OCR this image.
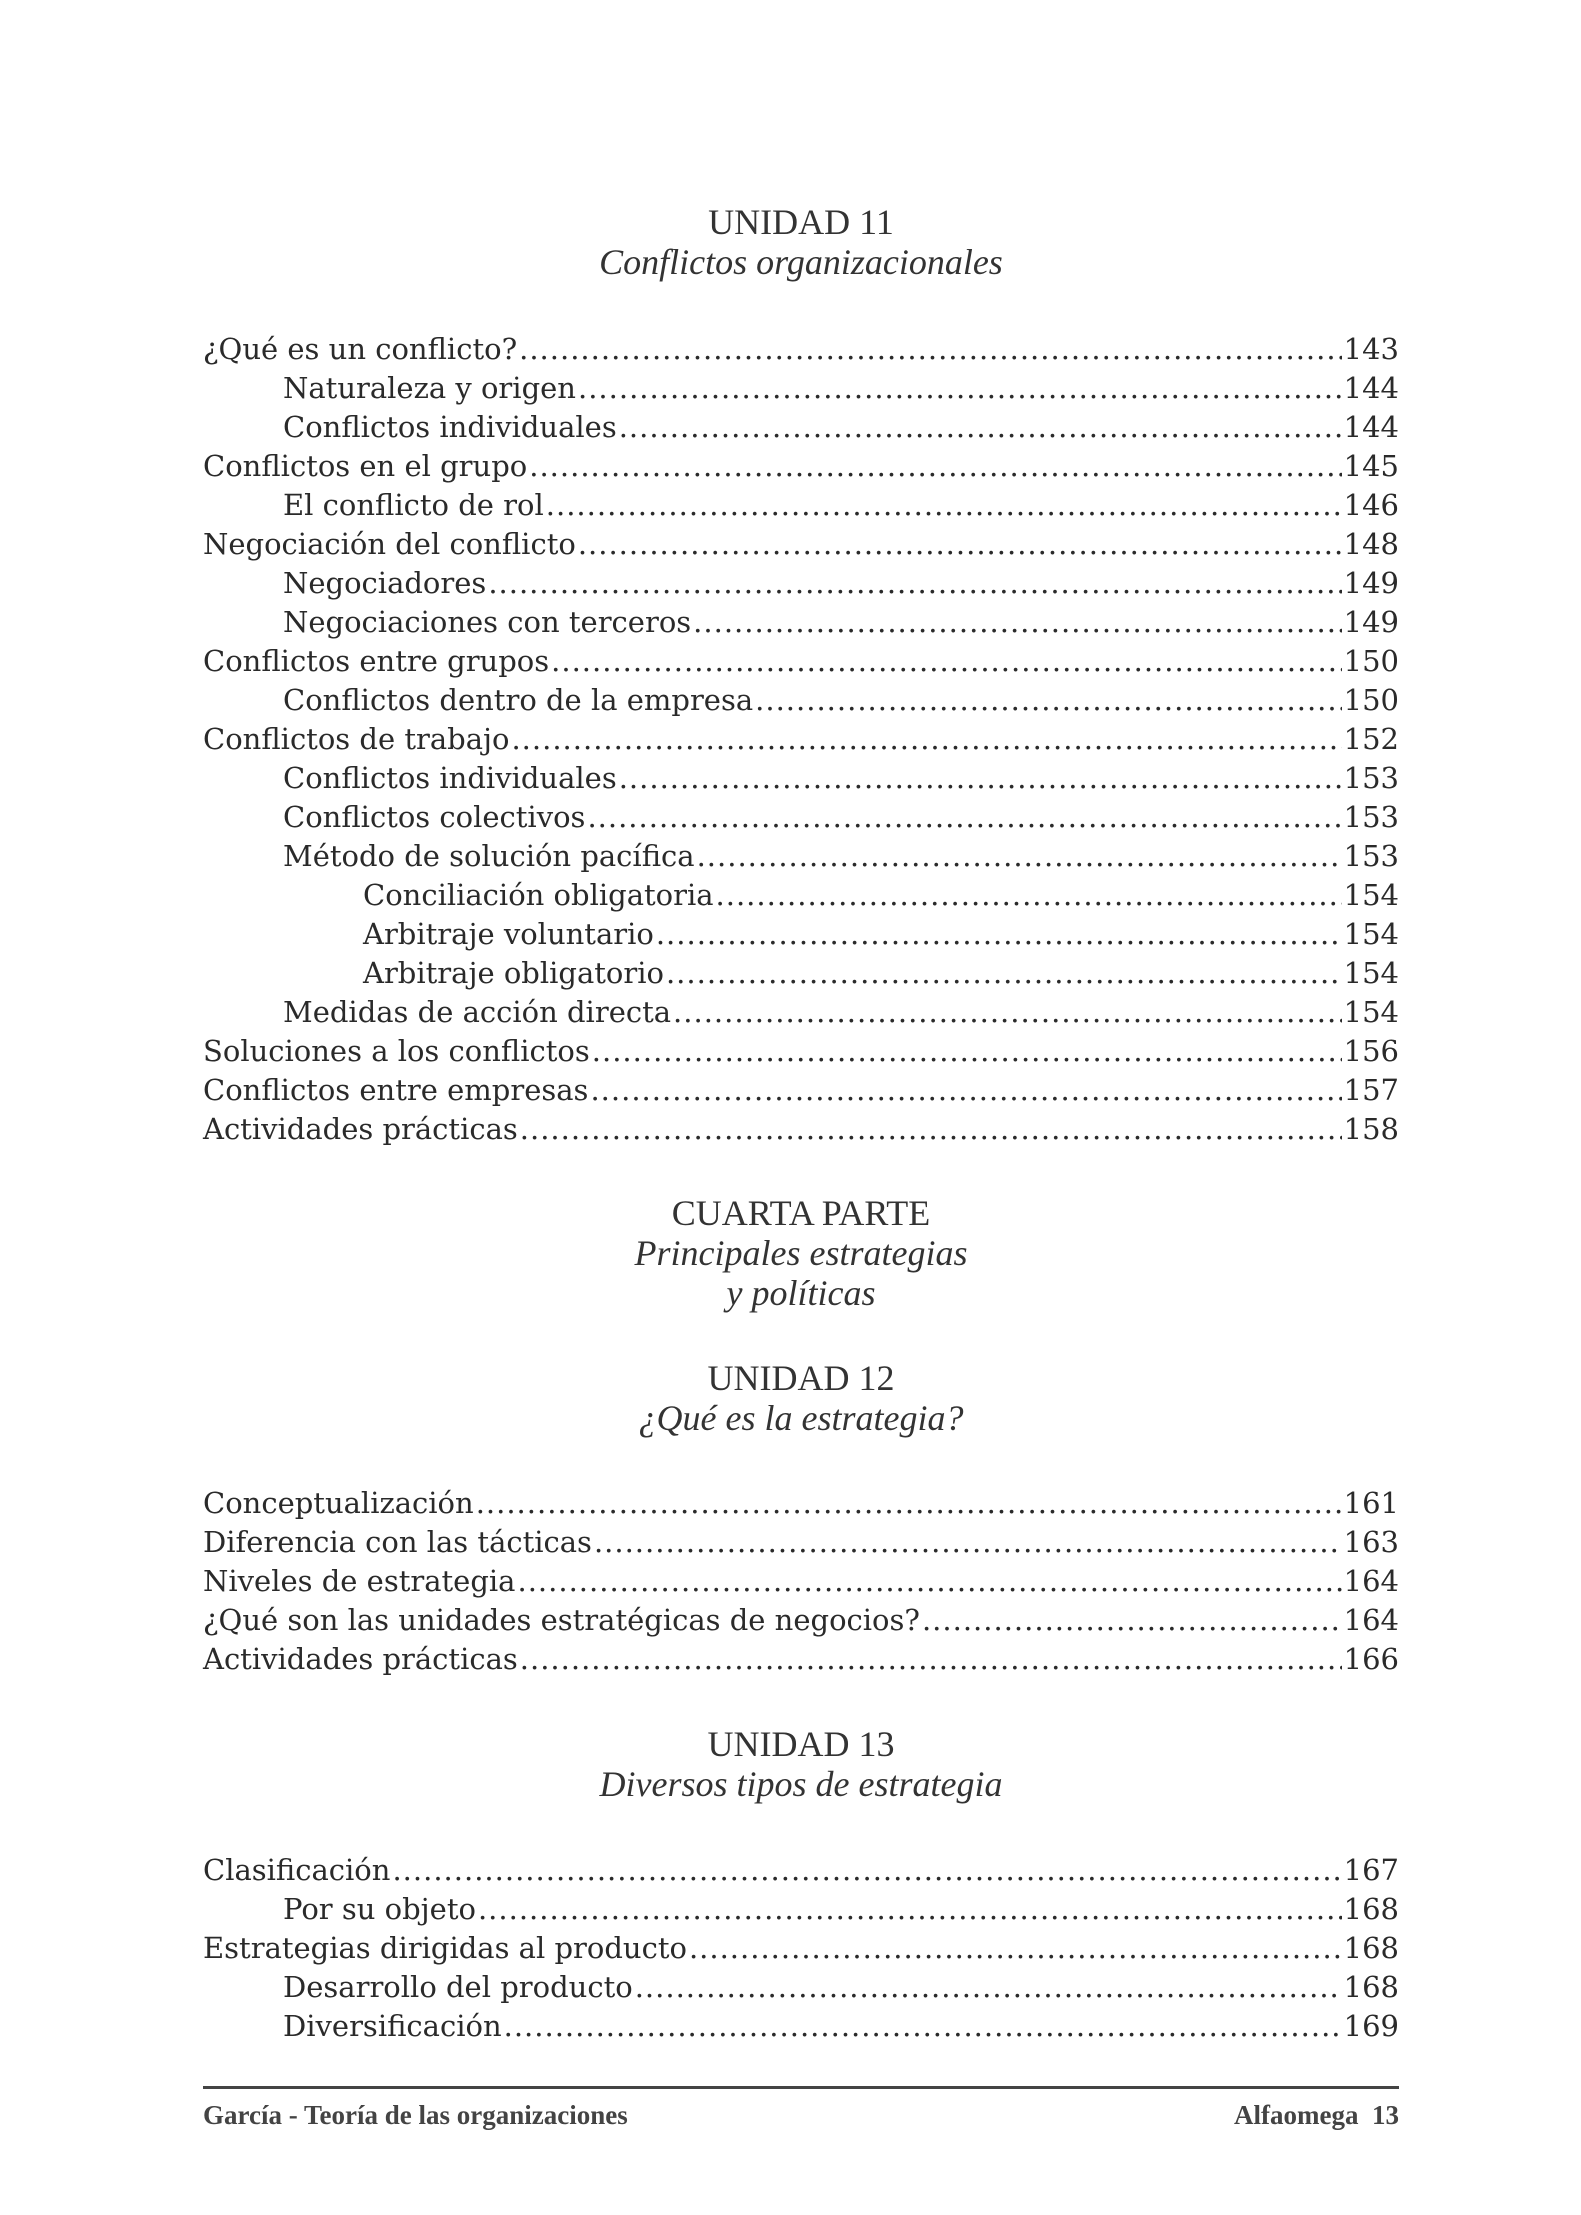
UNIDAD 11
Conflictos organizacionales
¿Qué es un conflicto? .....	143
Naturaleza y origen .....	144
Conflictos individuales .....	144
Conflictos en el grupo .....	145
El conflicto de rol .....	146
Negociación del conflicto .....	148
Negociadores .....	149
Negociaciones con terceros .....	149
Conflictos entre grupos .....	150
Conflictos dentro de la empresa .....	150
Conflictos de trabajo .....	152
Conflictos individuales .....	153
Conflictos colectivos .....	153
Método de solución pacífica .....	153
Conciliación obligatoria .....	154
Arbitraje voluntario .....	154
Arbitraje obligatorio .....	154
Medidas de acción directa .....	154
Soluciones a los conflictos .....	156
Conflictos entre empresas .....	157
Actividades prácticas .....	158
CUARTA PARTE
Principales estrategias
y políticas
UNIDAD 12
¿Qué es la estrategia?
Conceptualización .....	161
Diferencia con las tácticas .....	163
Niveles de estrategia .....	164
¿Qué son las unidades estratégicas de negocios? .....	164
Actividades prácticas .....	166
UNIDAD 13
Diversos tipos de estrategia
Clasificación .....	167
Por su objeto .....	168
Estrategias dirigidas al producto .....	168
Desarrollo del producto .....	168
Diversificación .....	169
García - Teoría de las organizaciones	Alfaomega  13
